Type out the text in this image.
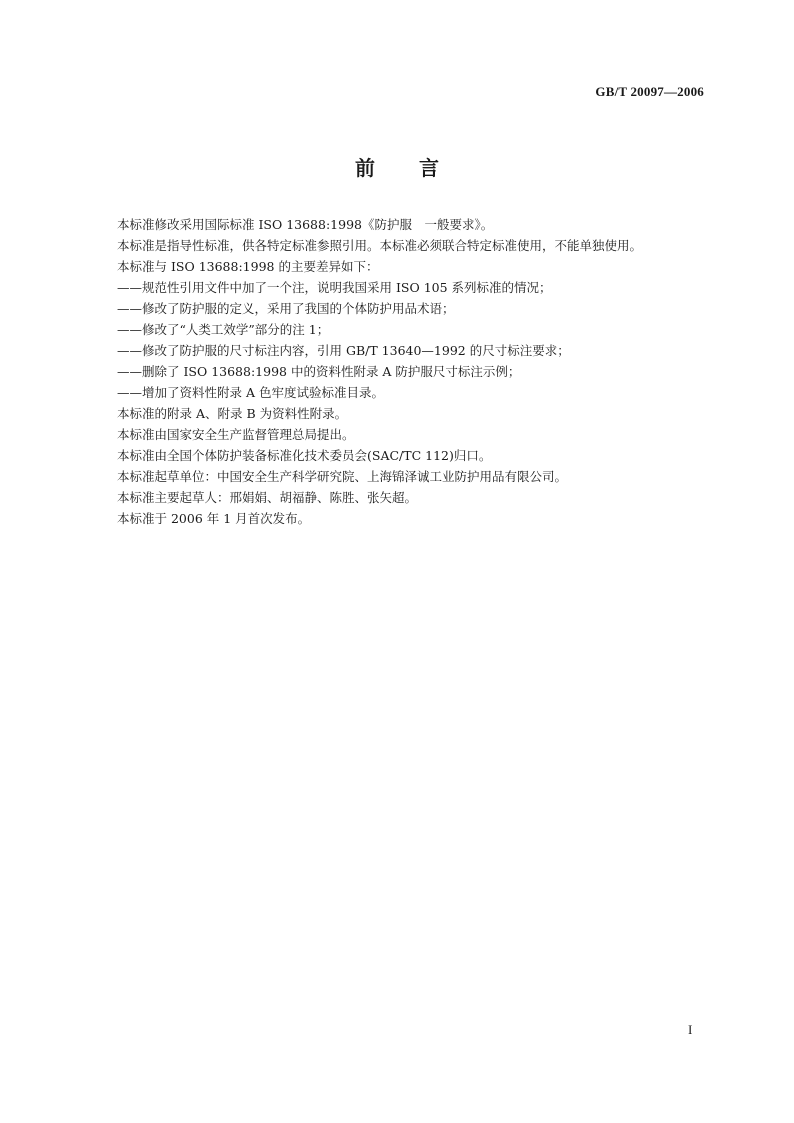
GB/T 20097—2006
前言

本标准修改采用国际标准 ISO 13688:1998《防护服　一般要求》。

本标准是指导性标准，供各特定标准参照引用。本标准必须联合特定标准使用，不能单独使用。

本标准与 ISO 13688:1998 的主要差异如下：

——规范性引用文件中加了一个注，说明我国采用 ISO 105 系列标准的情况；

——修改了防护服的定义，采用了我国的个体防护用品术语；

——修改了“人类工效学”部分的注 1；

——修改了防护服的尺寸标注内容，引用 GB/T 13640—1992 的尺寸标注要求；

——删除了 ISO 13688:1998 中的资料性附录 A 防护服尺寸标注示例；

——增加了资料性附录 A 色牢度试验标准目录。

本标准的附录 A、附录 B 为资料性附录。

本标准由国家安全生产监督管理总局提出。

本标准由全国个体防护装备标准化技术委员会(SAC/TC 112)归口。

本标准起草单位：中国安全生产科学研究院、上海锦泽诚工业防护用品有限公司。

本标准主要起草人：邢娟娟、胡福静、陈胜、张矢超。

本标准于 2006 年 1 月首次发布。

I
